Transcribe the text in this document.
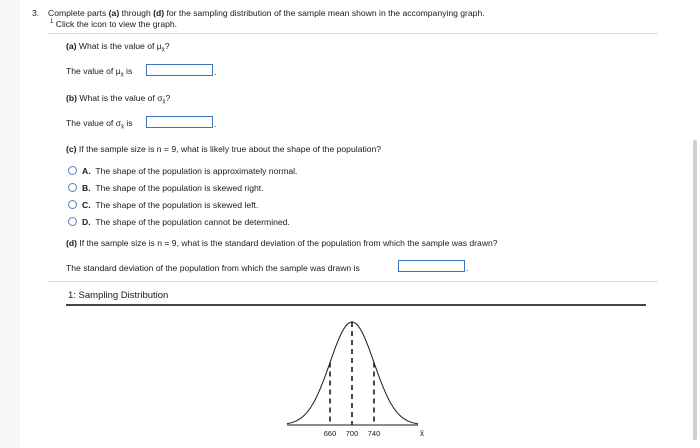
3. Complete parts (a) through (d) for the sampling distribution of the sample mean shown in the accompanying graph.
$^1$ Click the icon to view the graph.
(a) What is the value of $\mu_{x̄}$?
The value of $\mu_{x̄}$ is	.
(b) What is the value of $\sigma_{x̄}$?
The value of $\sigma_{x̄}$ is	.
(c) If the sample size is n = 9, what is likely true about the shape of the population?
A. The shape of the population is approximately normal.
B. The shape of the population is skewed right.
C. The shape of the population is skewed left.
D. The shape of the population cannot be determined.
(d) If the sample size is n = 9, what is the standard deviation of the population from which the sample was drawn?
The standard deviation of the population from which the sample was drawn is	.
1: Sampling Distribution
660 700 740	x̄
